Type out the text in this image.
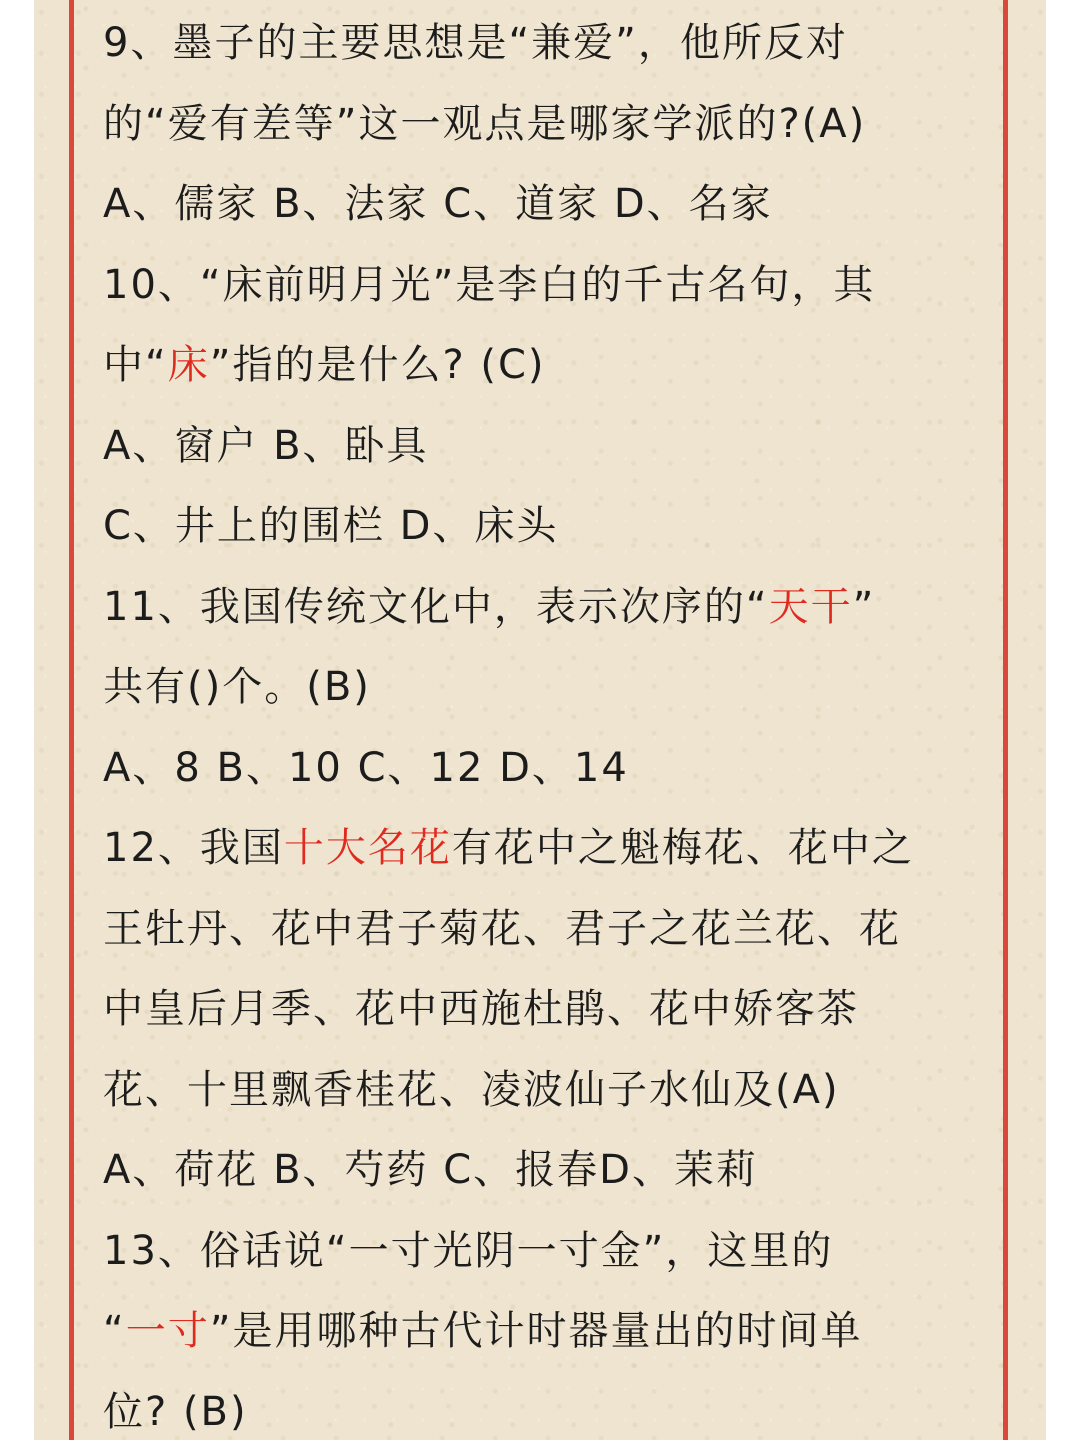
9、墨子的主要思想是“兼爱”，他所反对
的“爱有差等”这一观点是哪家学派的?(A)
A、儒家 B、法家 C、道家 D、名家
10、“床前明月光”是李白的千古名句，其
中“床”指的是什么? (C)
A、窗户 B、卧具
C、井上的围栏 D、床头
11、我国传统文化中，表示次序的“天干”
共有()个。(B)
A、8 B、10 C、12 D、14
12、我国十大名花有花中之魁梅花、花中之
王牡丹、花中君子菊花、君子之花兰花、花
中皇后月季、花中西施杜鹃、花中娇客茶
花、十里飘香桂花、凌波仙子水仙及(A)
A、荷花 B、芍药 C、报春D、茉莉
13、俗话说“一寸光阴一寸金”，这里的
“一寸”是用哪种古代计时器量出的时间单
位? (B)
